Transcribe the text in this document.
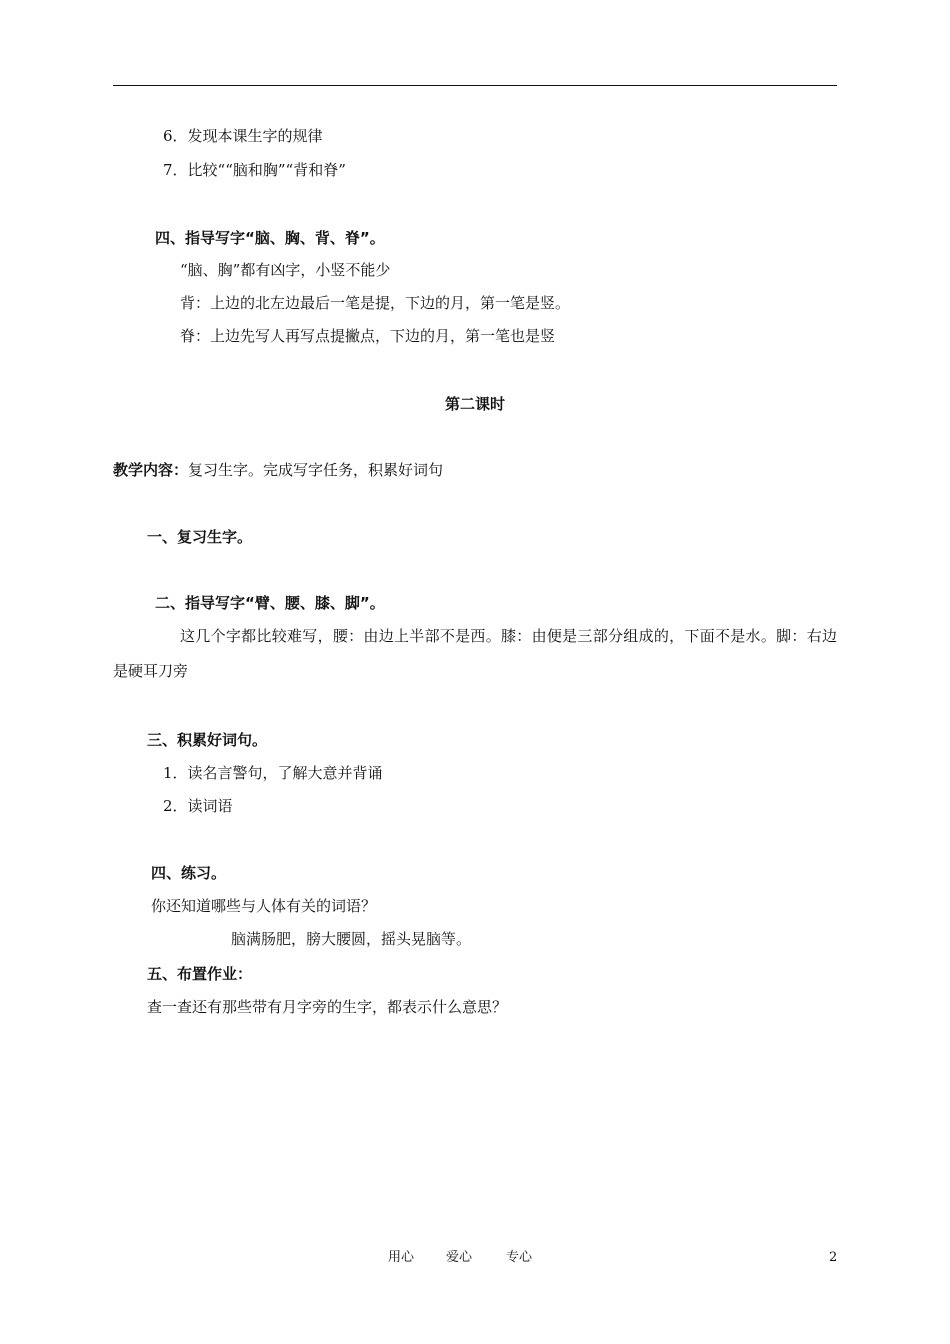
6．发现本课生字的规律
7．比较““脑和胸”“背和脊”
四、指导写字“脑、胸、背、脊”。
“脑、胸”都有凶字，小竖不能少
背：上边的北左边最后一笔是提，下边的月，第一笔是竖。
脊：上边先写人再写点提撇点，下边的月，第一笔也是竖
第二课时
教学内容：复习生字。完成写字任务，积累好词句
一、复习生字。
二、指导写字“臂、腰、膝、脚”。
这几个字都比较难写，腰：由边上半部不是西。膝：由便是三部分组成的，下面不是水。脚：右边是硬耳刀旁
三、积累好词句。
1．读名言警句，了解大意并背诵
2．读词语
四、练习。
你还知道哪些与人体有关的词语？
脑满肠肥，膀大腰圆，摇头晃脑等。
五、布置作业：
查一查还有那些带有月字旁的生字，都表示什么意思？
用心 爱心	专心	2
